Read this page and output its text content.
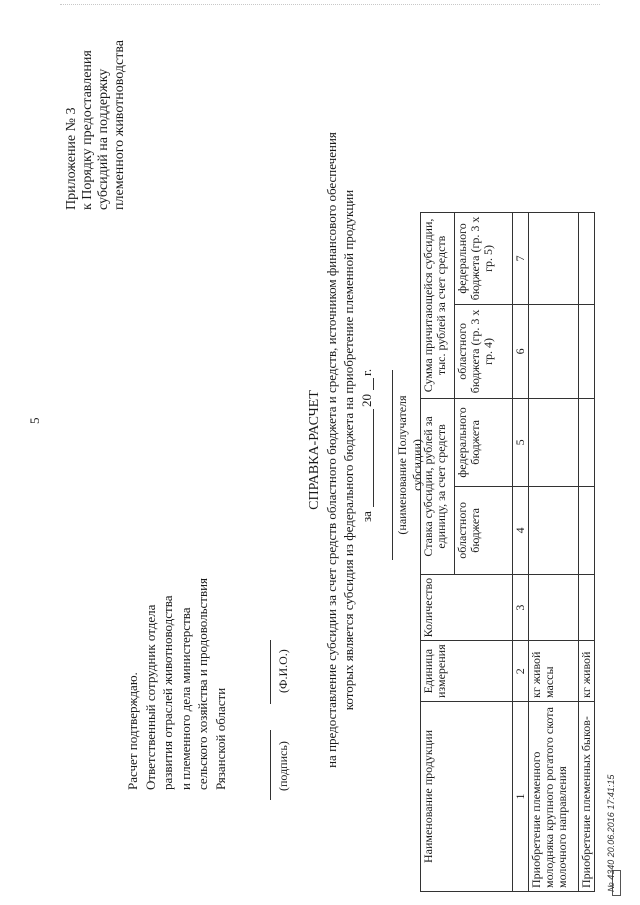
5
Приложение № 3 к Порядку предоставления субсидий на поддержку племенного животноводства
Расчет подтверждаю. Ответственный сотрудник отдела развития отраслей животноводства и племенного дела министерства сельского хозяйства и продовольствия Рязанской области	(подпись)
(Ф.И.О.)
СПРАВКА-РАСЧЕТ на предоставление субсидии за счет средств областного бюджета и средств, источником финансового обеспечения которых является субсидия из федерального бюджета на приобретение племенной продукции за
20
г.
(наименование Получателя субсидии)
Наименование продукции	Единица измерения	Количество	Ставка субсидии, рублей за единицу, за счет средств		Сумма причитающейся субсидии, тыс. рублей за счет средств	
			областного бюджета	федерального бюджета	областного бюджета (гр. 3 х гр. 4)	федерального бюджета (гр. 3 х гр. 5)
1	2	3	4	5	6	7
Приобретение племенного молодняка крупного рогатого скота молочного направления	кг живой массы					
Приобретение племенных быков-	кг живой					
№ 4340 20.06.2016 17:41:15
